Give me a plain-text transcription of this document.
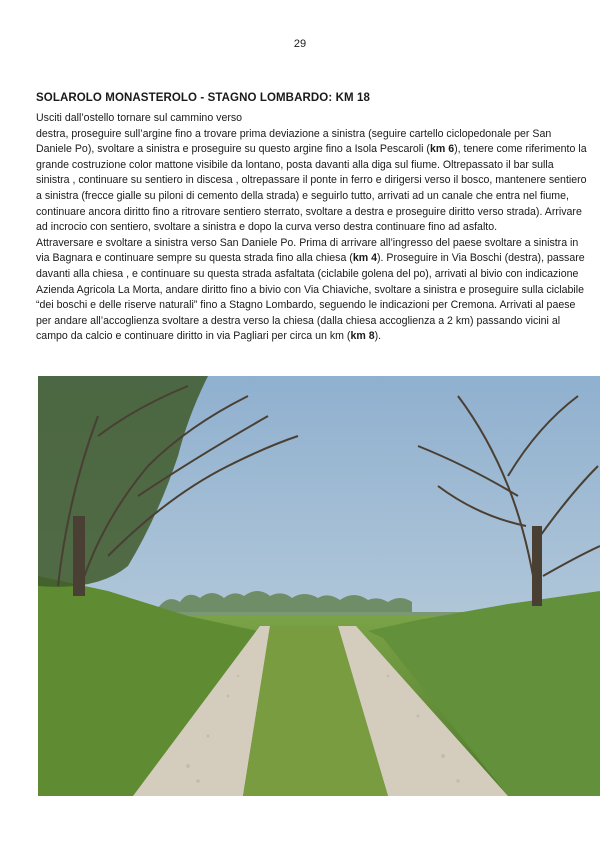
29
SOLAROLO MONASTEROLO - STAGNO LOMBARDO: KM 18

Usciti dall’ostello tornare sul cammino verso

destra, proseguire sull’argine fino a trovare prima deviazione a sinistra (seguire cartello ciclopedonale per San Daniele Po), svoltare a sinistra e proseguire su questo argine fino a Isola Pescaroli (km 6), tenere come riferimento la grande costruzione color mattone visibile da lontano, posta davanti alla diga sul fiume. Oltrepassato il bar sulla sinistra , continuare su sentiero in discesa , oltrepassare il ponte in ferro e dirigersi verso il bosco, mantenere sentiero a sinistra (frecce gialle su piloni di cemento della strada) e seguirlo tutto, arrivati ad un canale che entra nel fiume, continuare ancora diritto fino a ritrovare sentiero sterrato, svoltare a destra e proseguire diritto verso strada). Arrivare ad incrocio con sentiero, svoltare a sinistra e dopo la curva verso destra continuare fino ad asfalto.

Attraversare e svoltare a sinistra verso San Daniele Po. Prima di arrivare all’ingresso del paese svoltare a sinistra in via Bagnara e continuare sempre su questa strada fino alla chiesa (km 4). Proseguire in Via Boschi (destra), passare davanti alla chiesa , e continuare su questa strada asfaltata (ciclabile golena del po), arrivati al bivio con indicazione Azienda Agricola La Morta, andare diritto fino a bivio con Via Chiaviche, svoltare a sinistra e proseguire sulla ciclabile “dei boschi e delle riserve naturali” fino a Stagno Lombardo, seguendo le indicazioni per Cremona. Arrivati al paese per andare all’accoglienza svoltare a destra verso la chiesa (dalla chiesa accoglienza a 2 km) passando vicini al campo da calcio e continuare diritto in via Pagliari per circa un km (km 8).
